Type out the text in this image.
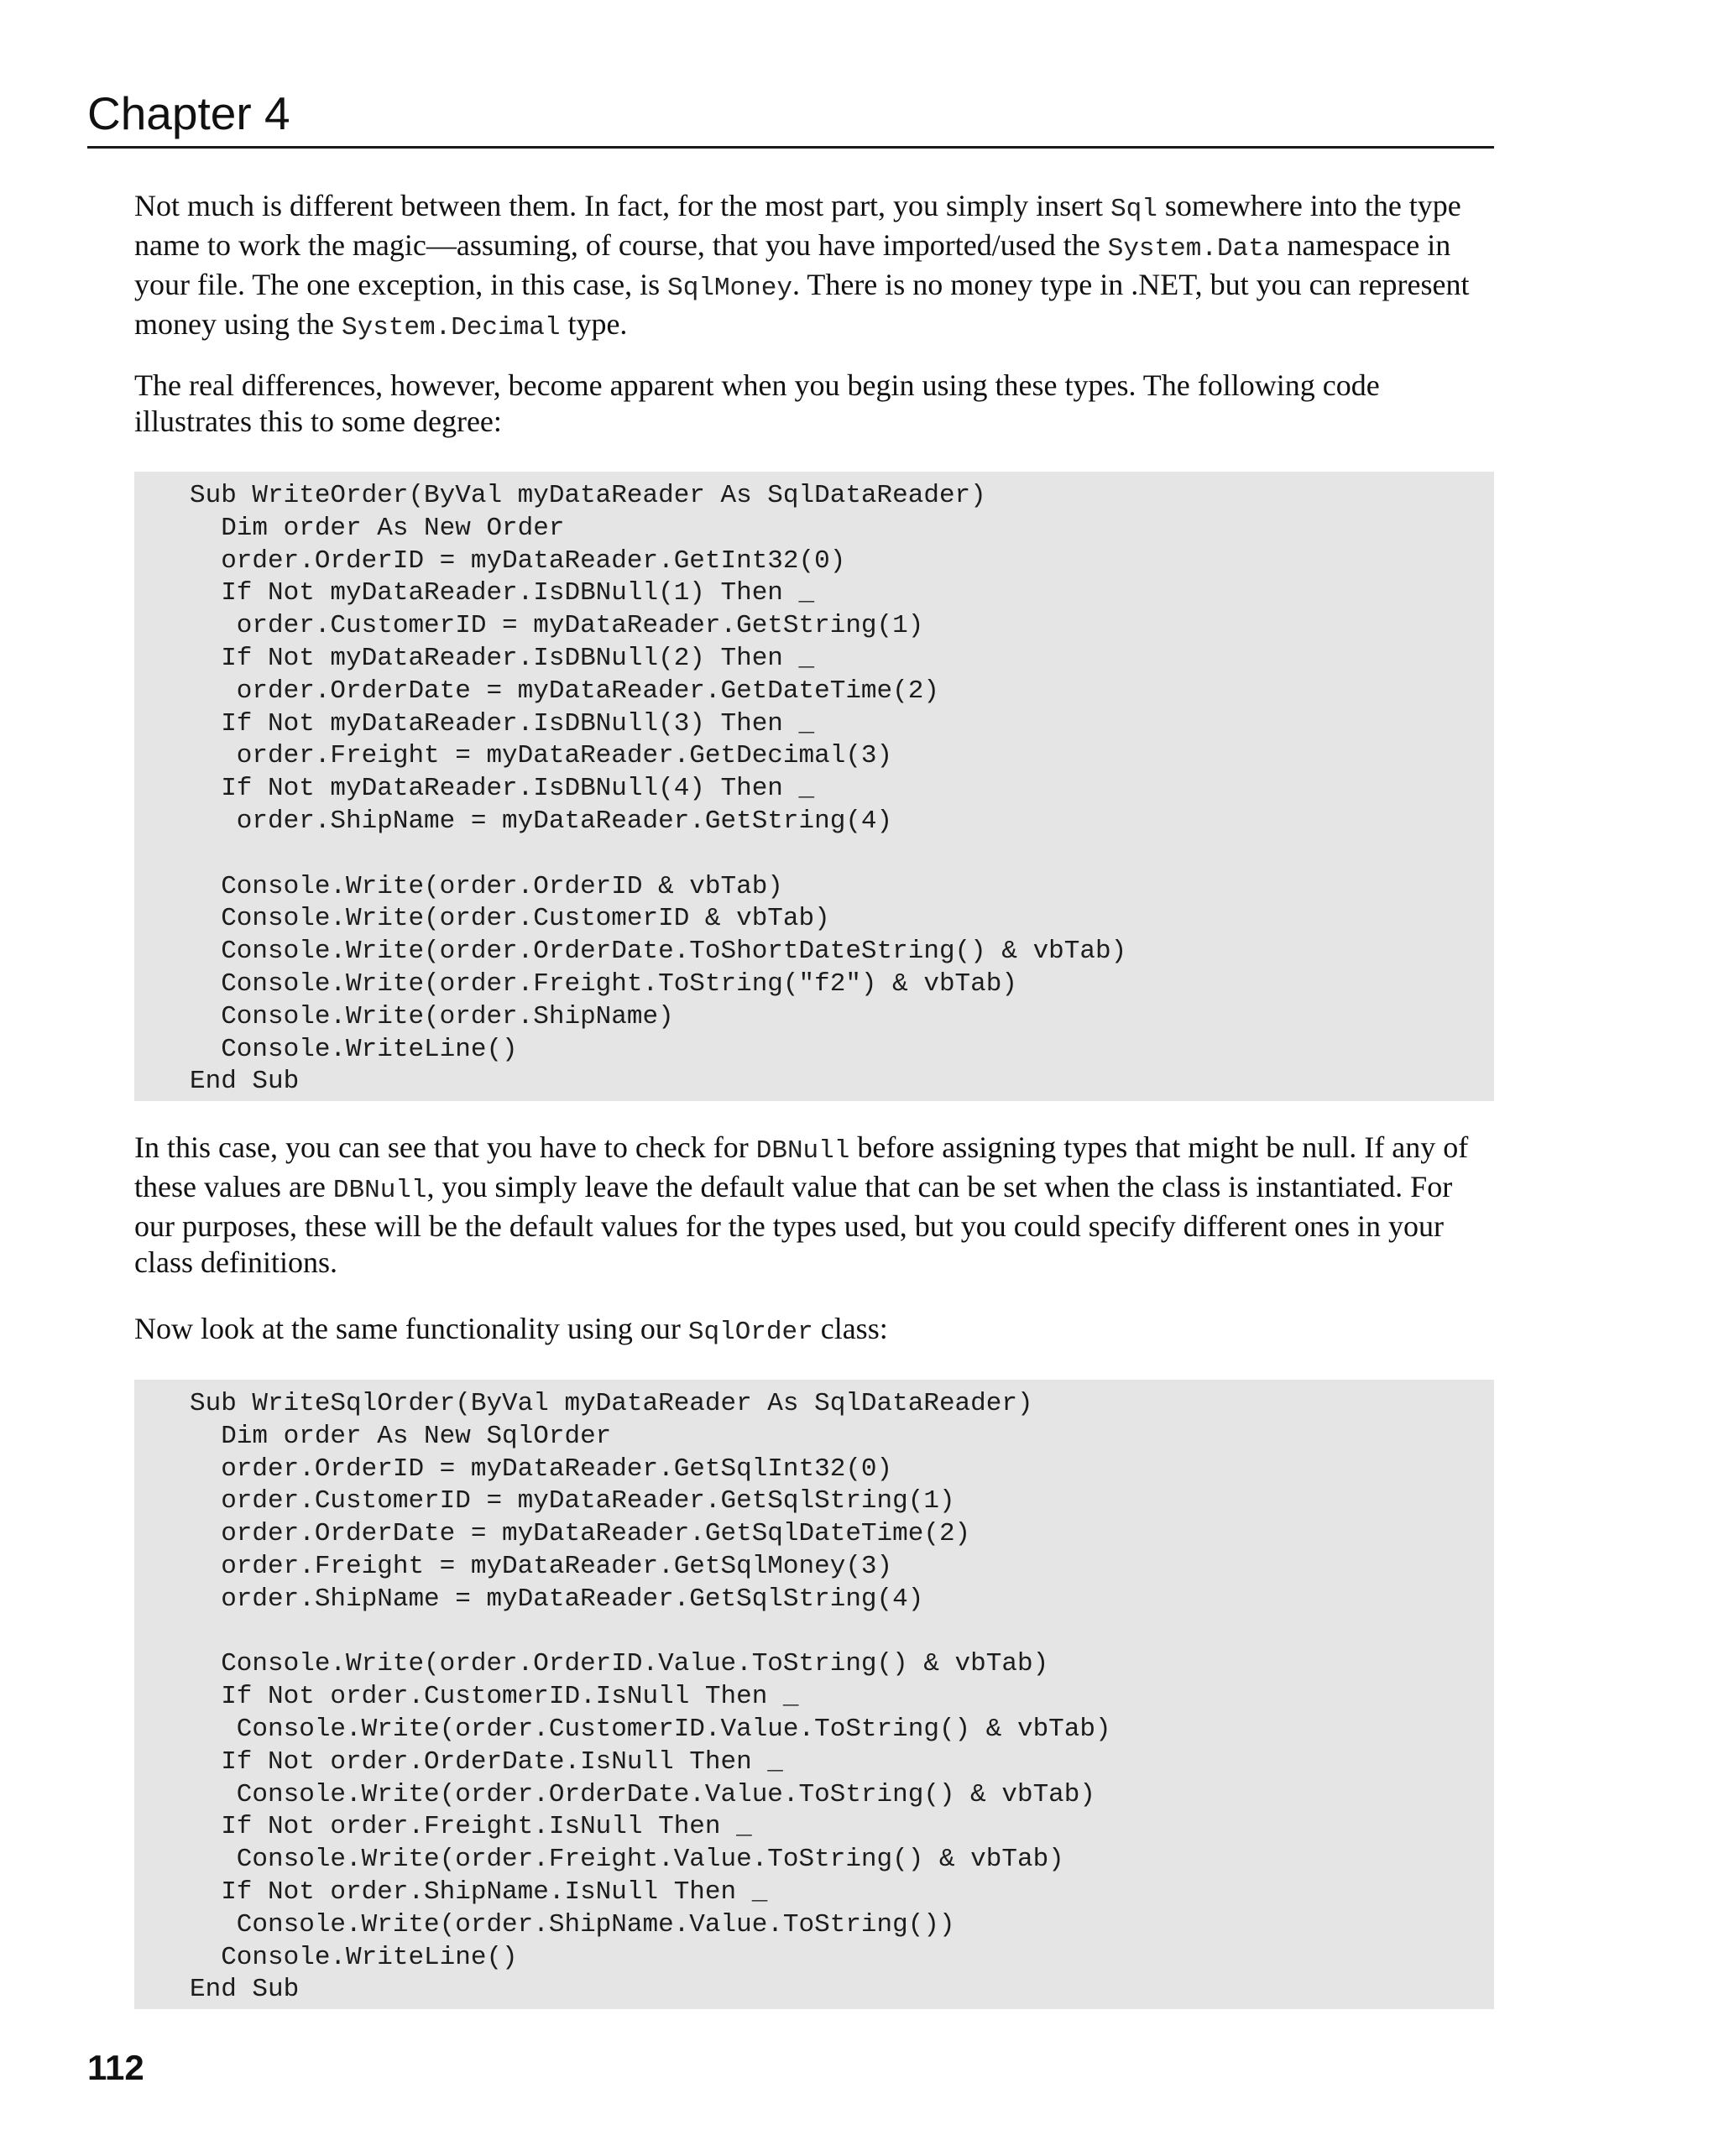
Chapter 4

Not much is different between them. In fact, for the most part, you simply insert Sql somewhere into the type name to work the magic—assuming, of course, that you have imported/used the System.Data namespace in your file. The one exception, in this case, is SqlMoney. There is no money type in .NET, but you can represent money using the System.Decimal type.

The real differences, however, become apparent when you begin using these types. The following code illustrates this to some degree:

Sub WriteOrder(ByVal myDataReader As SqlDataReader)
Dim order As New Order
order.OrderID = myDataReader.GetInt32(0)
If Not myDataReader.IsDBNull(1) Then _
order.CustomerID = myDataReader.GetString(1)
If Not myDataReader.IsDBNull(2) Then _
order.OrderDate = myDataReader.GetDateTime(2)
If Not myDataReader.IsDBNull(3) Then _
order.Freight = myDataReader.GetDecimal(3)
If Not myDataReader.IsDBNull(4) Then _
order.ShipName = myDataReader.GetString(4)
Console.Write(order.OrderID & vbTab)
Console.Write(order.CustomerID & vbTab)
Console.Write(order.OrderDate.ToShortDateString() & vbTab)
Console.Write(order.Freight.ToString("f2") & vbTab)
Console.Write(order.ShipName)
Console.WriteLine()
End Sub

In this case, you can see that you have to check for DBNull before assigning types that might be null. If any of these values are DBNull, you simply leave the default value that can be set when the class is instantiated. For our purposes, these will be the default values for the types used, but you could specify different ones in your class definitions.

Now look at the same functionality using our SqlOrder class:

Sub WriteSqlOrder(ByVal myDataReader As SqlDataReader)
Dim order As New SqlOrder
order.OrderID = myDataReader.GetSqlInt32(0)
order.CustomerID = myDataReader.GetSqlString(1)
order.OrderDate = myDataReader.GetSqlDateTime(2)
order.Freight = myDataReader.GetSqlMoney(3)
order.ShipName = myDataReader.GetSqlString(4)
Console.Write(order.OrderID.Value.ToString() & vbTab)
If Not order.CustomerID.IsNull Then _
Console.Write(order.CustomerID.Value.ToString() & vbTab)
If Not order.OrderDate.IsNull Then _
Console.Write(order.OrderDate.Value.ToString() & vbTab)
If Not order.Freight.IsNull Then _
Console.Write(order.Freight.Value.ToString() & vbTab)
If Not order.ShipName.IsNull Then _
Console.Write(order.ShipName.Value.ToString())
Console.WriteLine()
End Sub
112
